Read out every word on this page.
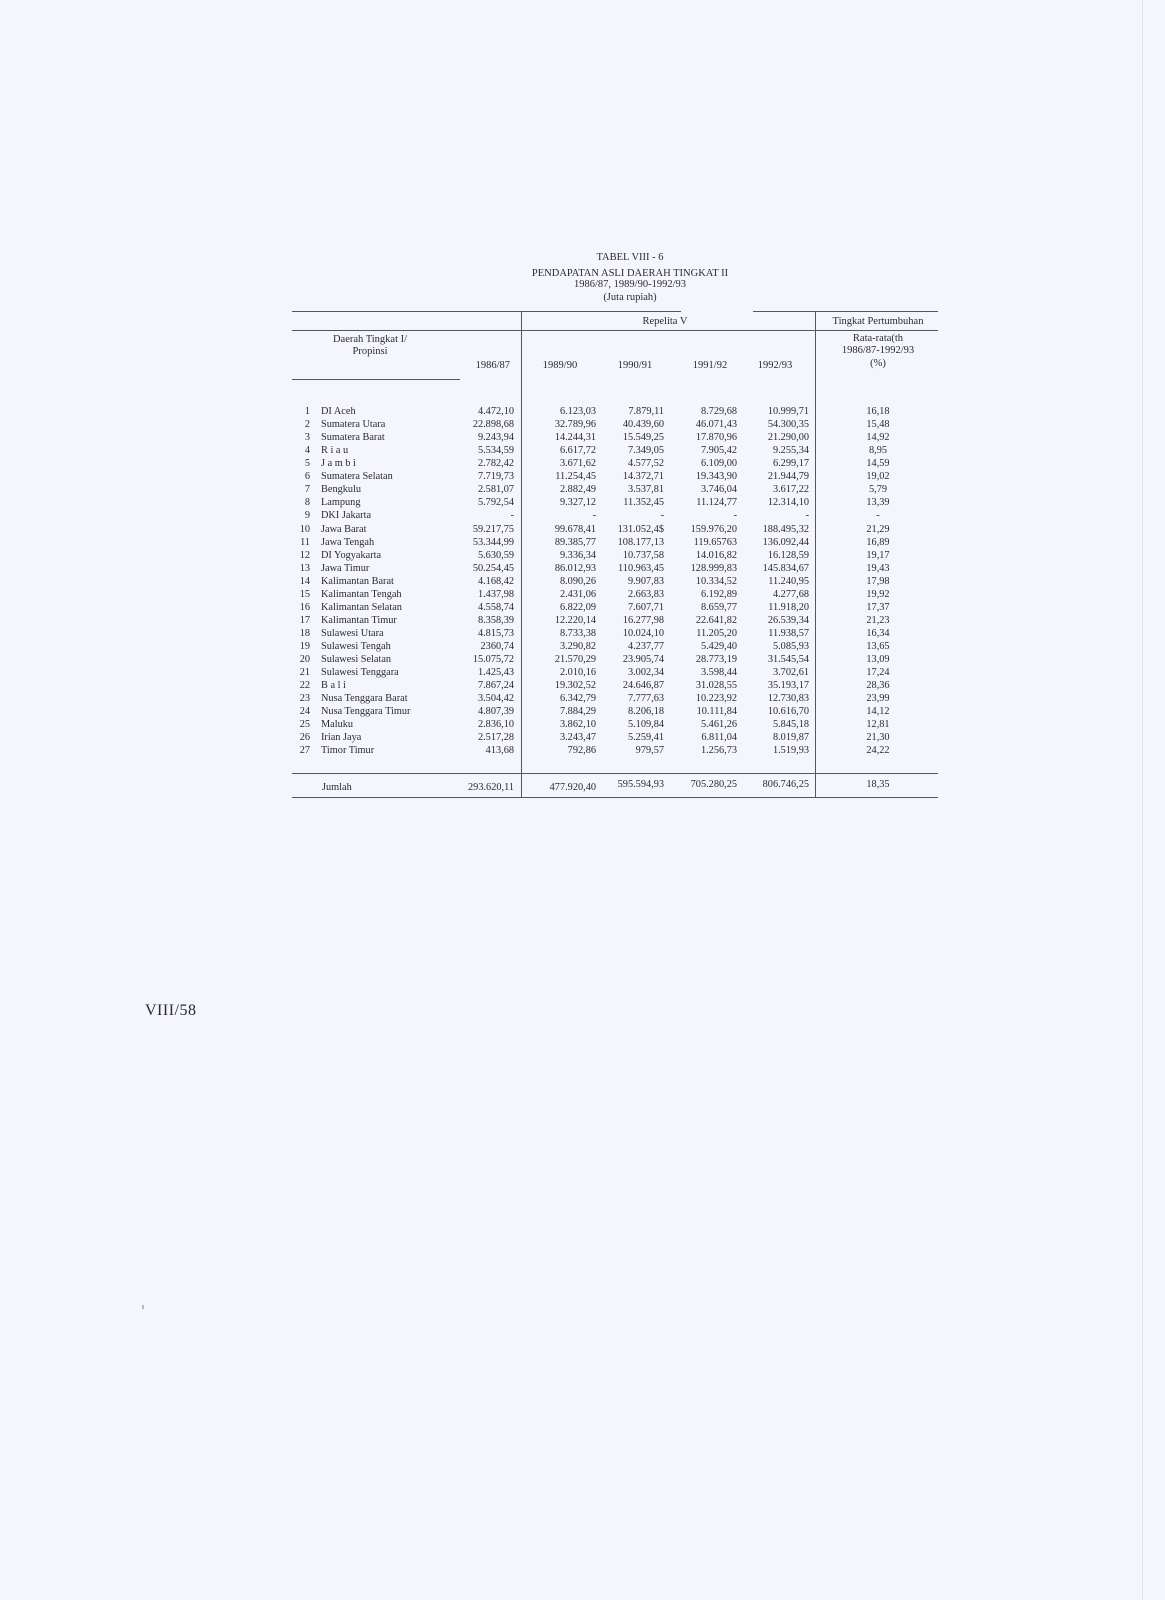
TABEL VIII - 6
PENDAPATAN ASLI DAERAH TINGKAT II
1986/87, 1989/90-1992/93
(Juta rupiah)
Daerah Tingkat I/
Propinsi
1986/87
Repelita V
1989/90	1990/91	1991/92	1992/93
Tingkat Pertumbuhan
Rata-rata(th
1986/87-1992/93
(%)
1 DI Aceh	4.472,10	6.123,03	7.879,11	8.729,68	10.999,71	16,18
2 Sumatera Utara	22.898,68	32.789,96	40.439,60	46.071,43	54.300,35	15,48
3 Sumatera Barat	9.243,94	14.244,31	15.549,25	17.870,96	21.290,00	14,92
4 R i a u	5.534,59	6.617,72	7.349,05	7.905,42	9.255,34	8,95
5 J a m b i	2.782,42	3.671,62	4.577,52	6.109,00	6.299,17	14,59
6 Sumatera Selatan	7.719,73	11.254,45	14.372,71	19.343,90	21.944,79	19,02
7 Bengkulu	2.581,07	2.882,49	3.537,81	3.746,04	3.617,22	5,79
8 Lampung	5.792,54	9.327,12	11.352,45	11.124,77	12.314,10	13,39
9 DKI Jakarta	-	-	-	-	-	-
10 Jawa Barat	59.217,75	99.678,41	131.052,4$	159.976,20	188.495,32	21,29
11 Jawa Tengah	53.344,99	89.385,77	108.177,13	119.65763	136.092,44	16,89
12 DI Yogyakarta	5.630,59	9.336,34	10.737,58	14.016,82	16.128,59	19,17
13 Jawa Timur	50.254,45	86.012,93	110.963,45	128.999,83	145.834,67	19,43
14 Kalimantan Barat	4.168,42	8.090,26	9.907,83	10.334,52	11.240,95	17,98
15 Kalimantan Tengah	1.437,98	2.431,06	2.663,83	6.192,89	4.277,68	19,92
16 Kalimantan Selatan	4.558,74	6.822,09	7.607,71	8.659,77	11.918,20	17,37
17 Kalimantan Timur	8.358,39	12.220,14	16.277,98	22.641,82	26.539,34	21,23
18 Sulawesi Utara	4.815,73	8.733,38	10.024,10	11.205,20	11.938,57	16,34
19 Sulawesi Tengah	2360,74	3.290,82	4.237,77	5.429,40	5.085,93	13,65
20 Sulawesi Selatan	15.075,72	21.570,29	23.905,74	28.773,19	31.545,54	13,09
21 Sulawesi Tenggara	1.425,43	2.010,16	3.002,34	3.598,44	3.702,61	17,24
22 B a l i	7.867,24	19.302,52	24.646,87	31.028,55	35.193,17	28,36
23 Nusa Tenggara Barat	3.504,42	6.342,79	7.777,63	10.223,92	12.730,83	23,99
24 Nusa Tenggara Timur	4.807,39	7.884,29	8.206,18	10.111,84	10.616,70	14,12
25 Maluku	2.836,10	3.862,10	5.109,84	5.461,26	5.845,18	12,81
26 Irian Jaya	2.517,28	3.243,47	5.259,41	6.811,04	8.019,87	21,30
27 Timor Timur	413,68	792,86	979,57	1.256,73	1.519,93	24,22
Jumlah	293.620,11	477.920,40	595.594,93	705.280,25	806.746,25	18,35
VIII/58
